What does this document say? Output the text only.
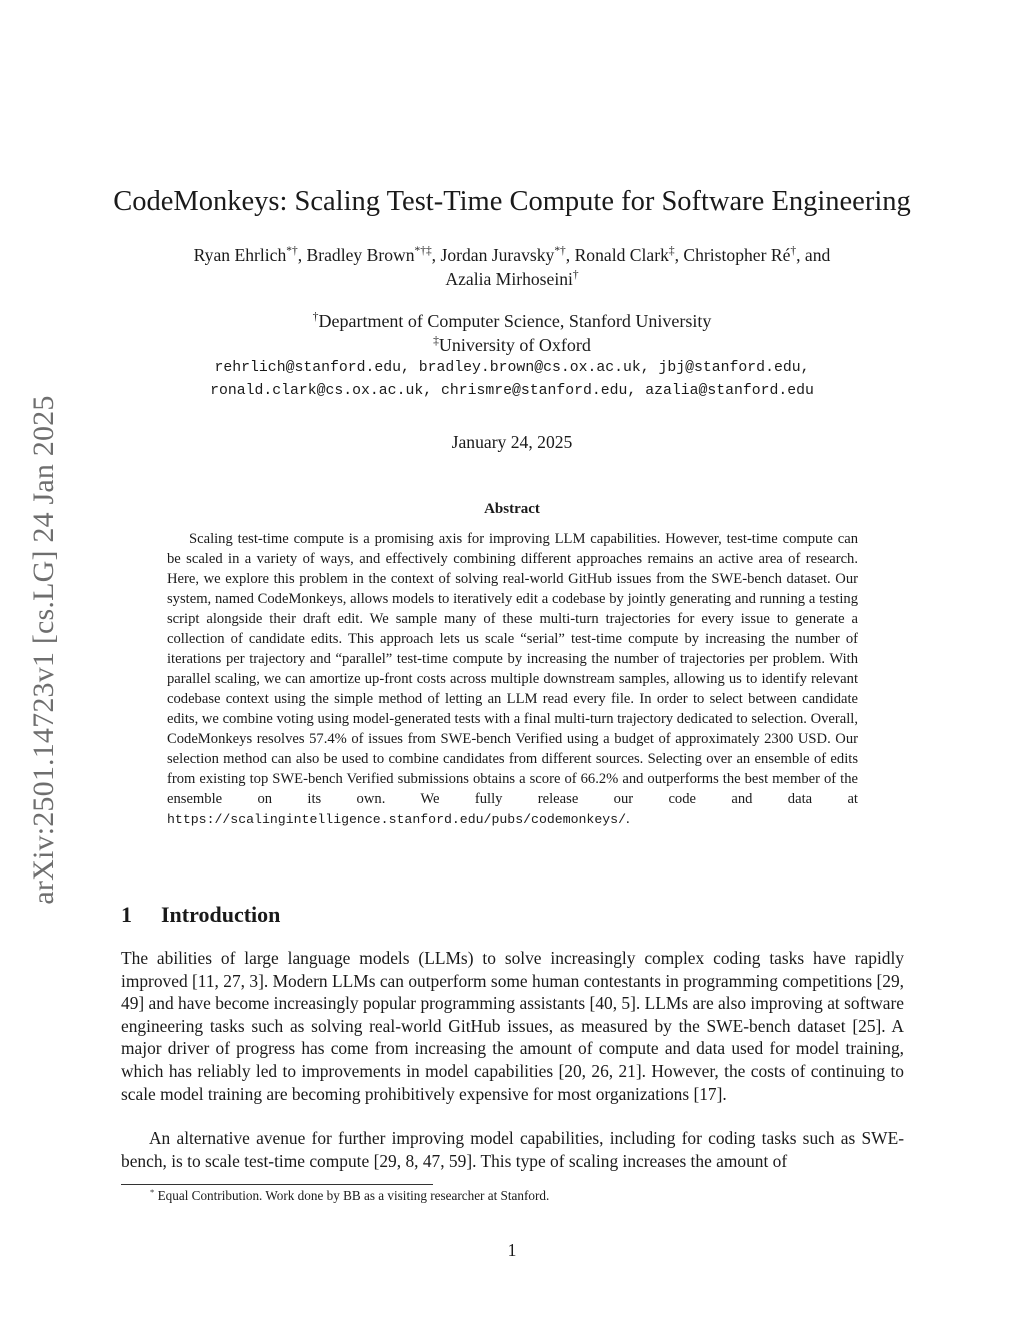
arXiv:2501.14723v1 [cs.LG] 24 Jan 2025
CodeMonkeys: Scaling Test-Time Compute for Software Engineering
Ryan Ehrlich*†, Bradley Brown*†‡, Jordan Juravsky*†, Ronald Clark‡, Christopher Ré†, and
Azalia Mirhoseini†
†Department of Computer Science, Stanford University
‡University of Oxford
rehrlich@stanford.edu, bradley.brown@cs.ox.ac.uk, jbj@stanford.edu,
ronald.clark@cs.ox.ac.uk, chrismre@stanford.edu, azalia@stanford.edu
January 24, 2025
Abstract

Scaling test-time compute is a promising axis for improving LLM capabilities. However, test-time compute can be scaled in a variety of ways, and effectively combining different approaches remains an active area of research. Here, we explore this problem in the context of solving real-world GitHub issues from the SWE-bench dataset. Our system, named CodeMonkeys, allows models to iteratively edit a codebase by jointly generating and running a testing script alongside their draft edit. We sample many of these multi-turn trajectories for every issue to generate a collection of candidate edits. This approach lets us scale “serial” test-time compute by increasing the number of iterations per trajectory and “parallel” test-time compute by increasing the number of trajectories per problem. With parallel scaling, we can amortize up-front costs across multiple downstream samples, allowing us to identify relevant codebase context using the simple method of letting an LLM read every file. In order to select between candidate edits, we combine voting using model-generated tests with a final multi-turn trajectory dedicated to selection. Overall, CodeMonkeys resolves 57.4% of issues from SWE-bench Verified using a budget of approximately 2300 USD. Our selection method can also be used to combine candidates from different sources. Selecting over an ensemble of edits from existing top SWE-bench Verified submissions obtains a score of 66.2% and outperforms the best member of the ensemble on its own. We fully release our code and data at https://scalingintelligence.stanford.edu/pubs/codemonkeys/.

1 Introduction

The abilities of large language models (LLMs) to solve increasingly complex coding tasks have rapidly improved [11, 27, 3]. Modern LLMs can outperform some human contestants in programming competitions [29, 49] and have become increasingly popular programming assistants [40, 5]. LLMs are also improving at software engineering tasks such as solving real-world GitHub issues, as measured by the SWE-bench dataset [25]. A major driver of progress has come from increasing the amount of compute and data used for model training, which has reliably led to improvements in model capabilities [20, 26, 21]. However, the costs of continuing to scale model training are becoming prohibitively expensive for most organizations [17].

An alternative avenue for further improving model capabilities, including for coding tasks such as SWE-bench, is to scale test-time compute [29, 8, 47, 59]. This type of scaling increases the amount of

* Equal Contribution. Work done by BB as a visiting researcher at Stanford.
1
